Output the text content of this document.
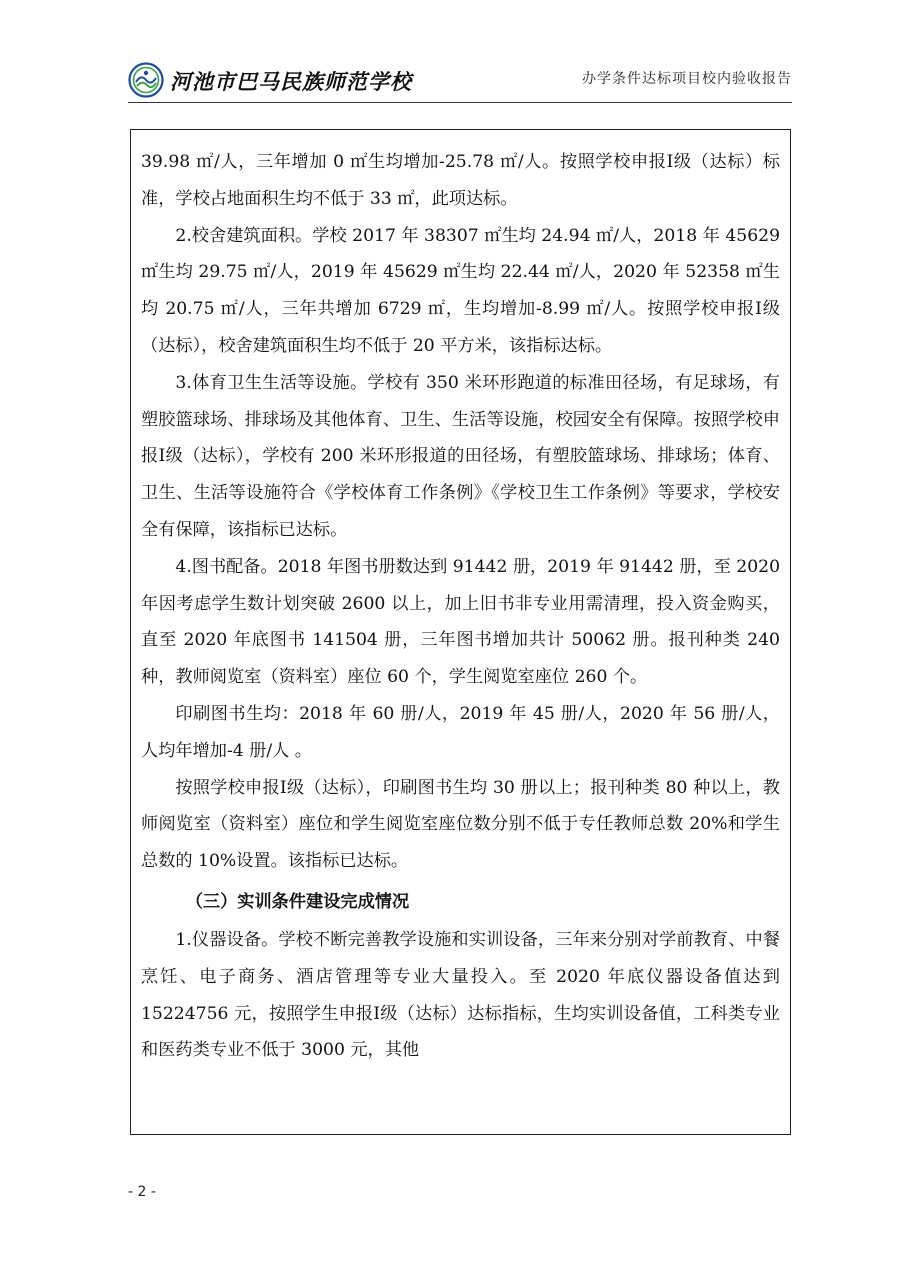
河池市巴马民族师范学校	办学条件达标项目校内验收报告

39.98 ㎡/人，三年增加 0 ㎡生均增加-25.78 ㎡/人。按照学校申报Ⅰ级（达标）标准，学校占地面积生均不低于 33 ㎡，此项达标。

2.校舍建筑面积。学校 2017 年 38307 ㎡生均 24.94 ㎡/人，2018 年 45629 ㎡生均 29.75 ㎡/人，2019 年 45629 ㎡生均 22.44 ㎡/人，2020 年 52358 ㎡生均 20.75 ㎡/人，三年共增加 6729 ㎡，生均增加-8.99 ㎡/人。按照学校申报Ⅰ级（达标），校舍建筑面积生均不低于 20 平方米，该指标达标。

3.体育卫生生活等设施。学校有 350 米环形跑道的标准田径场，有足球场，有塑胶篮球场、排球场及其他体育、卫生、生活等设施，校园安全有保障。按照学校申报Ⅰ级（达标），学校有 200 米环形报道的田径场，有塑胶篮球场、排球场；体育、卫生、生活等设施符合《学校体育工作条例》《学校卫生工作条例》等要求，学校安全有保障，该指标已达标。

4.图书配备。2018 年图书册数达到 91442 册，2019 年 91442 册，至 2020 年因考虑学生数计划突破 2600 以上，加上旧书非专业用需清理，投入资金购买，直至 2020 年底图书 141504 册，三年图书增加共计 50062 册。报刊种类 240 种，教师阅览室（资料室）座位 60 个，学生阅览室座位 260 个。

印刷图书生均：2018 年 60 册/人，2019 年 45 册/人，2020 年 56 册/人，人均年增加-4 册/人 。

按照学校申报Ⅰ级（达标），印刷图书生均 30 册以上；报刊种类 80 种以上，教师阅览室（资料室）座位和学生阅览室座位数分别不低于专任教师总数 20%和学生总数的 10%设置。该指标已达标。

（三）实训条件建设完成情况

1.仪器设备。学校不断完善教学设施和实训设备，三年来分别对学前教育、中餐烹饪、电子商务、酒店管理等专业大量投入。至 2020 年底仪器设备值达到 15224756 元，按照学生申报Ⅰ级（达标）达标指标，生均实训设备值，工科类专业和医药类专业不低于 3000 元，其他

- 2 -
